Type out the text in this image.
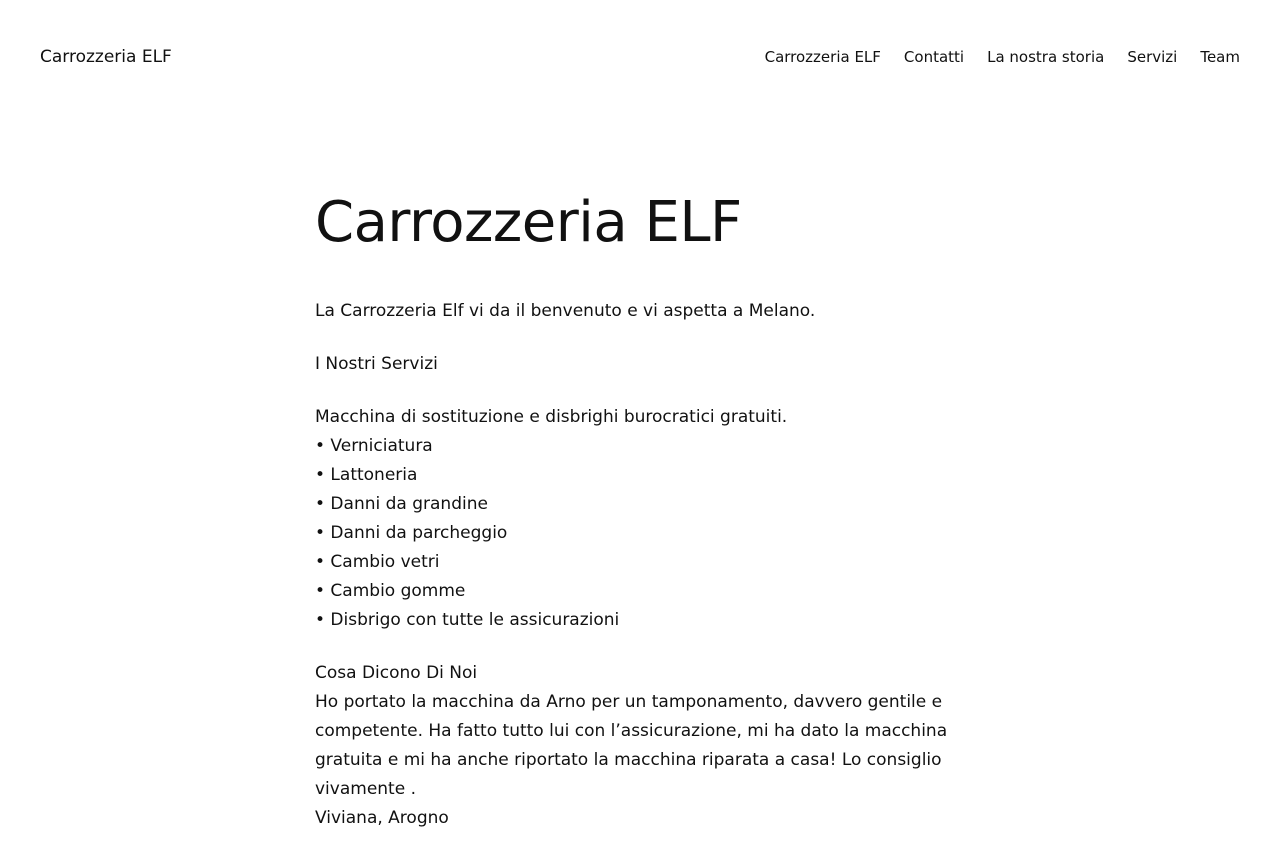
Carrozzeria ELF	Carrozzeria ELF Contatti La nostra storia Servizi Team
Carrozzeria ELF

La Carrozzeria Elf vi da il benvenuto e vi aspetta a Melano.

I Nostri Servizi

Macchina di sostituzione e disbrighi burocratici gratuiti.
• Verniciatura
• Lattoneria
• Danni da grandine
• Danni da parcheggio
• Cambio vetri
• Cambio gomme
• Disbrigo con tutte le assicurazioni

Cosa Dicono Di Noi
Ho portato la macchina da Arno per un tamponamento, davvero gentile e competente. Ha fatto tutto lui con l’assicurazione, mi ha dato la macchina gratuita e mi ha anche riportato la macchina riparata a casa! Lo consiglio vivamente .
Viviana, Arogno
